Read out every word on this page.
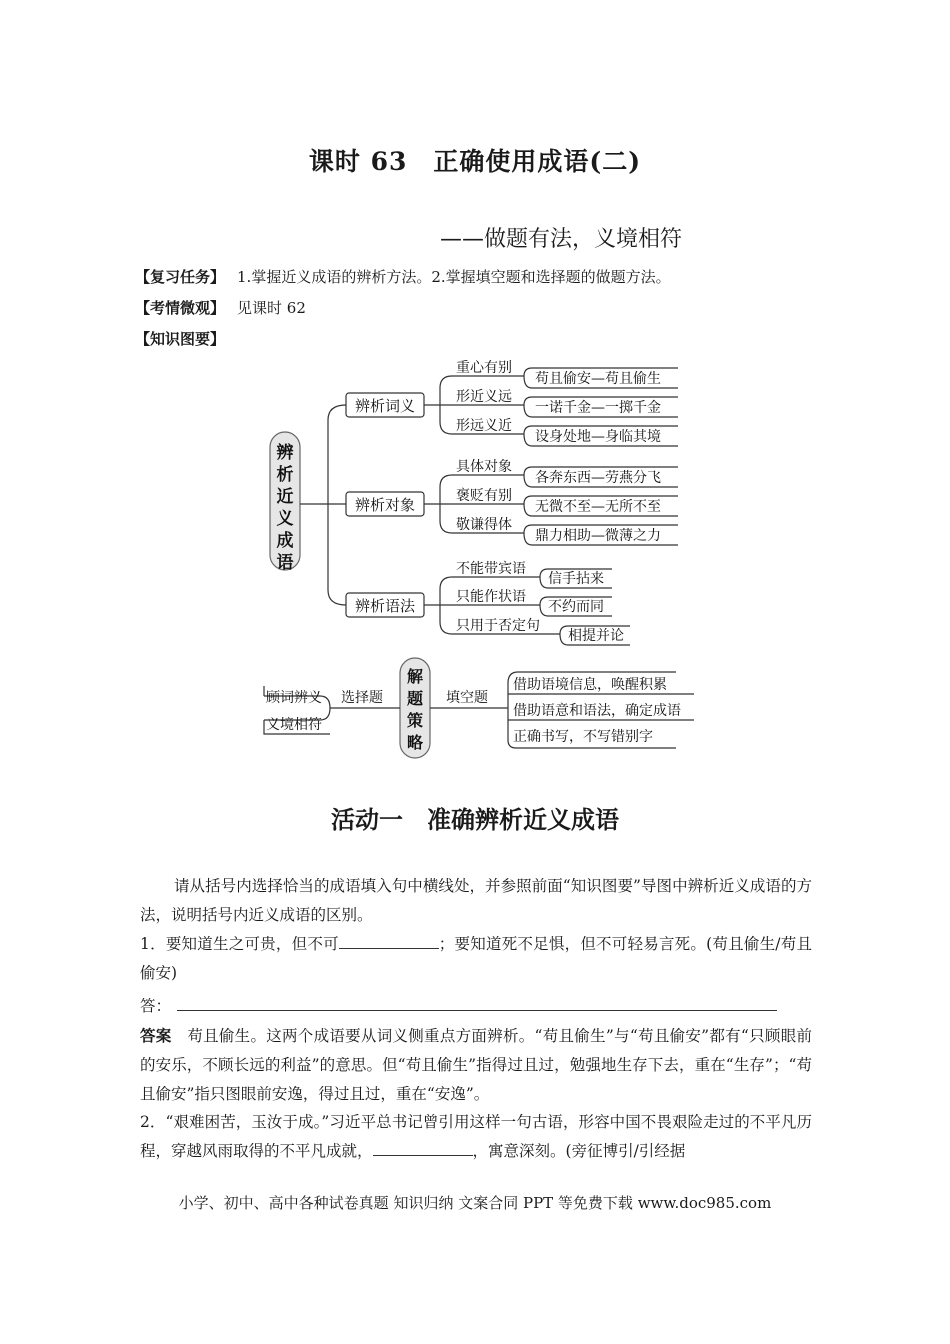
课时 63　正确使用成语(二)
——做题有法，义境相符
【复习任务】 1.掌握近义成语的辨析方法。2.掌握填空题和选择题的做题方法。
【考情微观】 见课时 62
【知识图要】
辨
析
近
义
成
语
辨析词义
辨析对象
辨析语法
重心有别
形近义远
形远义近
具体对象
褒贬有别
敬谦得体
不能带宾语
只能作状语
只用于否定句
苟且偷安—苟且偷生
一诺千金—一掷千金
设身处地—身临其境
各奔东西—劳燕分飞
无微不至—无所不至
鼎力相助—微薄之力
信手拈来
不约而同
相提并论
解
题
策
略
选择题
顾词辨义
义境相符
填空题
借助语境信息，唤醒积累
借助语意和语法，确定成语
正确书写，不写错别字
活动一　准确辨析近义成语
请从括号内选择恰当的成语填入句中横线处，并参照前面“知识图要”导图中辨析近义成语的方法，说明括号内近义成语的区别。
1．要知道生之可贵，但不可	；要知道死不足惧，但不可轻易言死。(苟且偷生/苟且偷安)
答：
答案　 苟且偷生。这两个成语要从词义侧重点方面辨析。“苟且偷生”与“苟且偷安”都有“只顾眼前的安乐，不顾长远的利益”的意思。但“苟且偷生”指得过且过，勉强地生存下去，重在“生存”；“苟且偷安”指只图眼前安逸，得过且过，重在“安逸”。
2．“艰难困苦，玉汝于成。”习近平总书记曾引用这样一句古语，形容中国不畏艰险走过的不平凡历程，穿越风雨取得的不平凡成就，	，寓意深刻。(旁征博引/引经据
小学、初中、高中各种试卷真题 知识归纳 文案合同 PPT 等免费下载 www.doc985.com
